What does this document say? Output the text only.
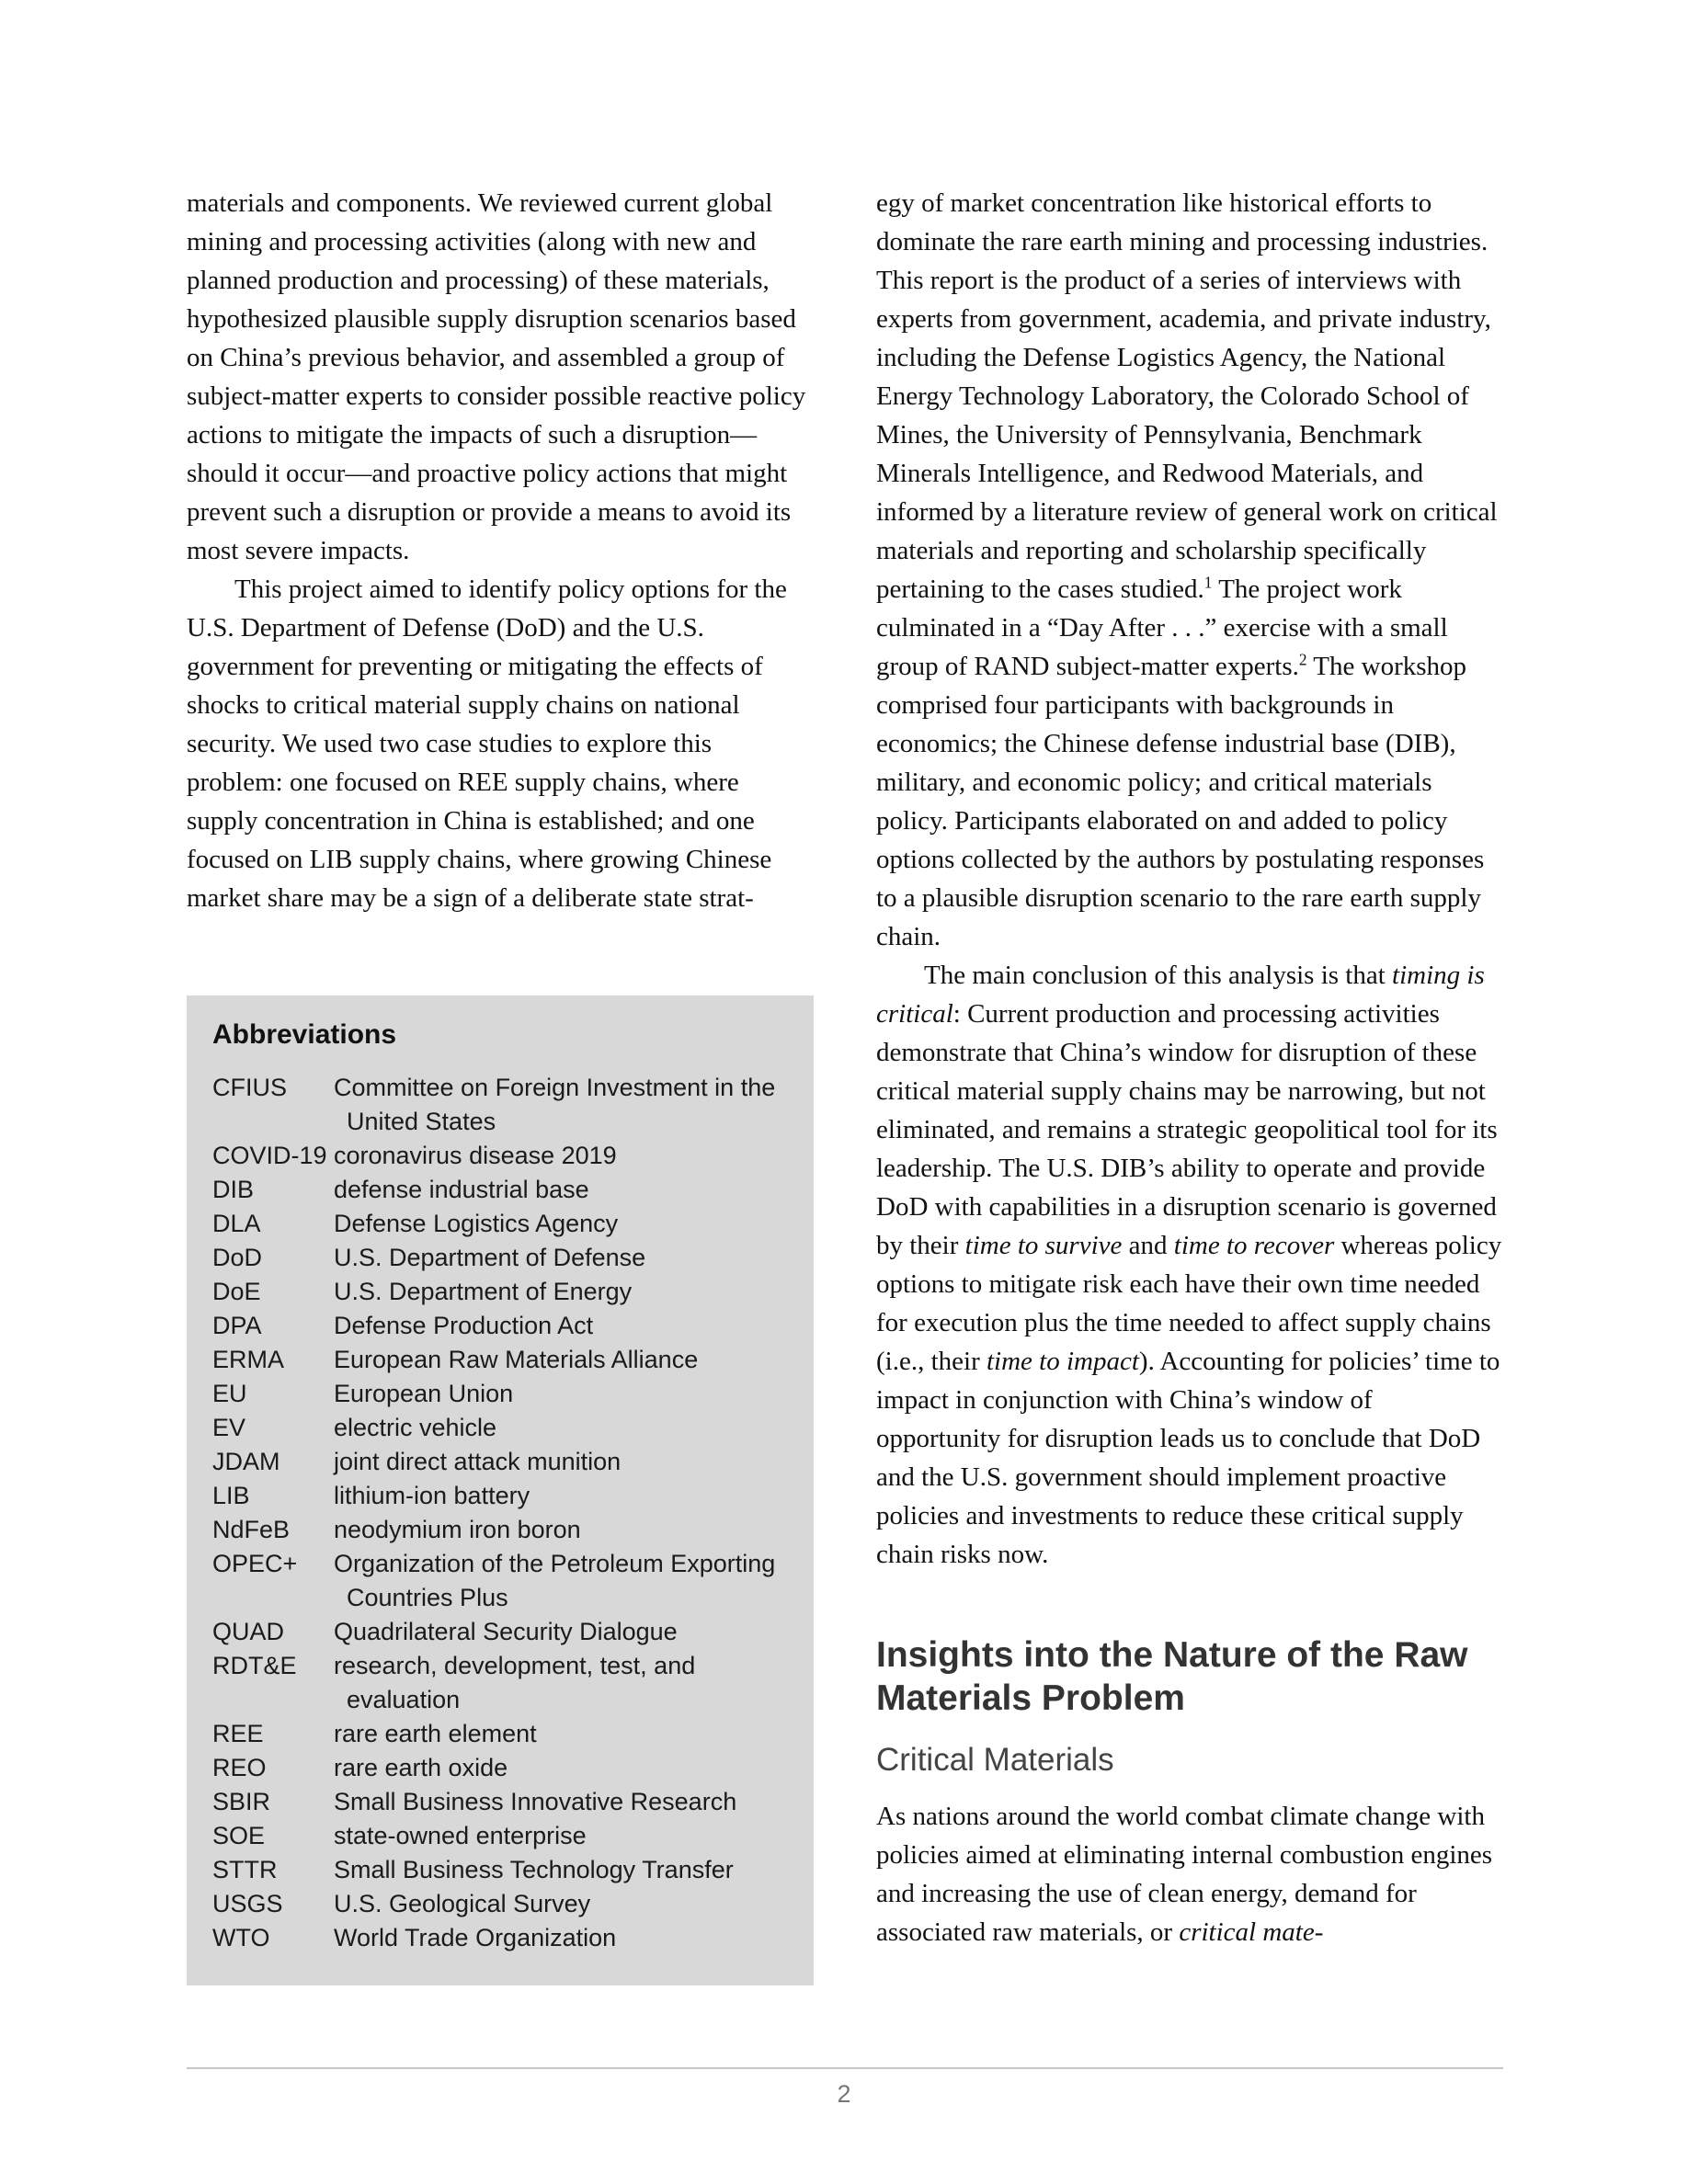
materials and components. We reviewed current global mining and processing activities (along with new and planned production and processing) of these materials, hypothesized plausible supply disruption scenarios based on China’s previous behavior, and assembled a group of subject-matter experts to consider possible reactive policy actions to mitigate the impacts of such a disruption—should it occur—and proactive policy actions that might prevent such a disruption or provide a means to avoid its most severe impacts.

This project aimed to identify policy options for the U.S. Department of Defense (DoD) and the U.S. government for preventing or mitigating the effects of shocks to critical material supply chains on national security. We used two case studies to explore this problem: one focused on REE supply chains, where supply concentration in China is established; and one focused on LIB supply chains, where growing Chinese market share may be a sign of a deliberate state strat-

Abbreviations
CFIUS	Committee on Foreign Investment in the United States
COVID-19 coronavirus disease 2019
DIB	defense industrial base
DLA	Defense Logistics Agency
DoD	U.S. Department of Defense
DoE	U.S. Department of Energy
DPA	Defense Production Act
ERMA	European Raw Materials Alliance
EU	European Union
EV	electric vehicle
JDAM	joint direct attack munition
LIB	lithium-ion battery
NdFeB	neodymium iron boron
OPEC+	Organization of the Petroleum Exporting Countries Plus
QUAD	Quadrilateral Security Dialogue
RDT&E	research, development, test, and evaluation
REE	rare earth element
REO	rare earth oxide
SBIR	Small Business Innovative Research
SOE	state-owned enterprise
STTR	Small Business Technology Transfer
USGS	U.S. Geological Survey
WTO	World Trade Organization

egy of market concentration like historical efforts to dominate the rare earth mining and processing industries. This report is the product of a series of interviews with experts from government, academia, and private industry, including the Defense Logistics Agency, the National Energy Technology Laboratory, the Colorado School of Mines, the University of Pennsylvania, Benchmark Minerals Intelligence, and Redwood Materials, and informed by a literature review of general work on critical materials and reporting and scholarship specifically pertaining to the cases studied.$^1$ The project work culminated in a “Day After . . .” exercise with a small group of RAND subject-matter experts.$^2$ The workshop comprised four participants with backgrounds in economics; the Chinese defense industrial base (DIB), military, and economic policy; and critical materials policy. Participants elaborated on and added to policy options collected by the authors by postulating responses to a plausible disruption scenario to the rare earth supply chain.

The main conclusion of this analysis is that timing is critical: Current production and processing activities demonstrate that China’s window for disruption of these critical material supply chains may be narrowing, but not eliminated, and remains a strategic geopolitical tool for its leadership. The U.S. DIB’s ability to operate and provide DoD with capabilities in a disruption scenario is governed by their time to survive and time to recover whereas policy options to mitigate risk each have their own time needed for execution plus the time needed to affect supply chains (i.e., their time to impact). Accounting for policies’ time to impact in conjunction with China’s window of opportunity for disruption leads us to conclude that DoD and the U.S. government should implement proactive policies and investments to reduce these critical supply chain risks now.

Insights into the Nature of the Raw Materials Problem
Critical Materials

As nations around the world combat climate change with policies aimed at eliminating internal combustion engines and increasing the use of clean energy, demand for associated raw materials, or critical mate-

2
